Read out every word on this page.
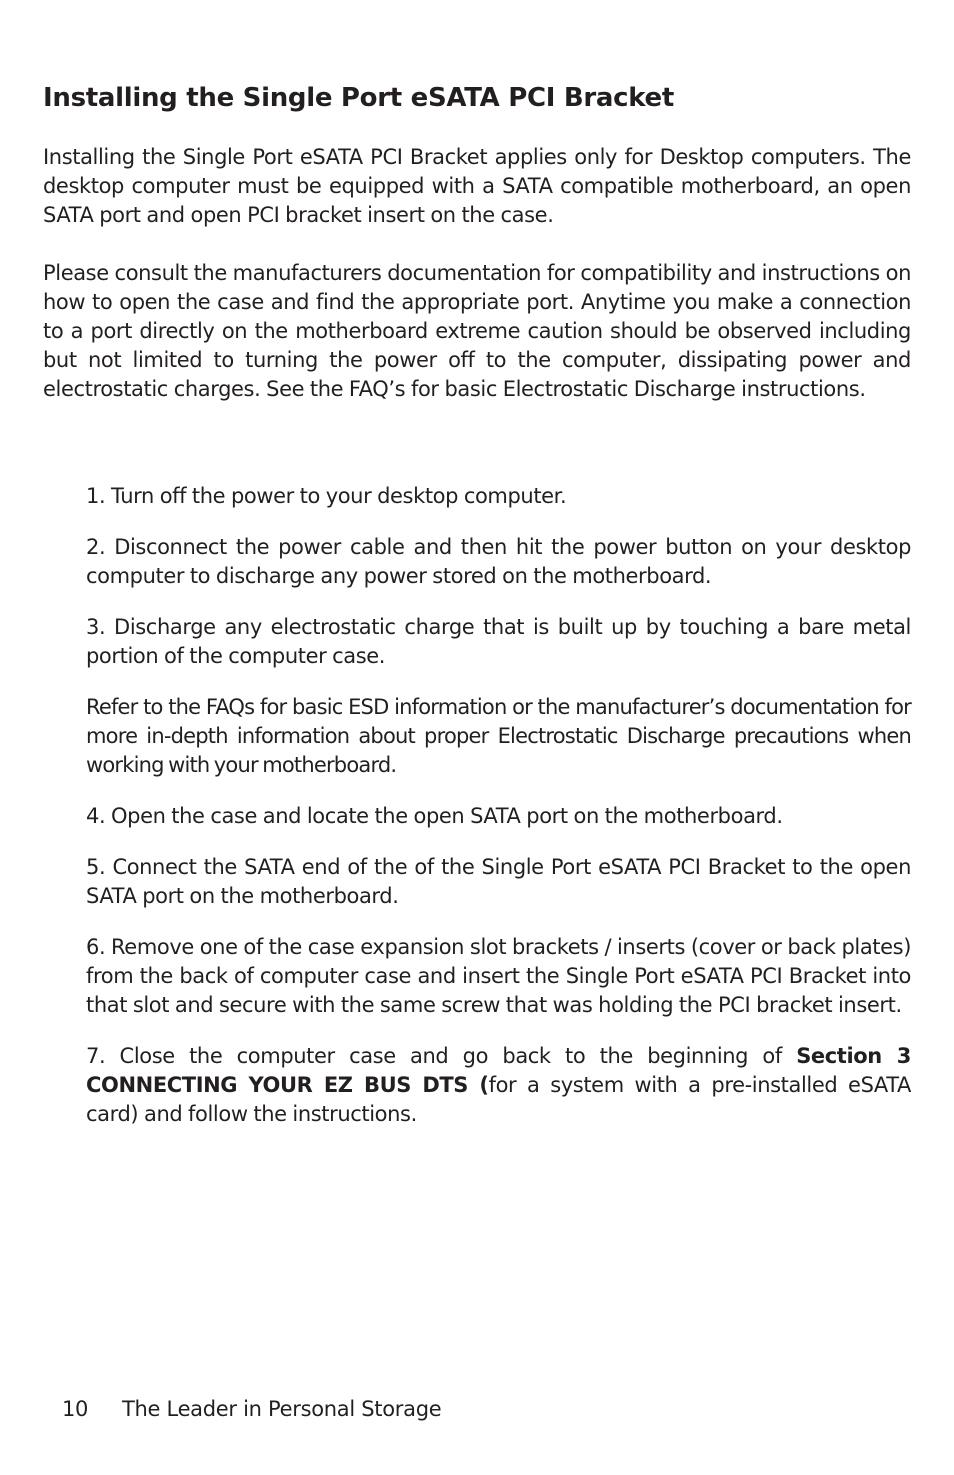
Installing the Single Port eSATA PCI Bracket

Installing the Single Port eSATA PCI Bracket applies only for Desktop computers. The desktop computer must be equipped with a SATA compatible motherboard, an open SATA port and open PCI bracket insert on the case.

Please consult the manufacturers documentation for compatibility and instructions on how to open the case and find the appropriate port. Anytime you make a connection to a port directly on the motherboard extreme caution should be observed including but not limited to turning the power off to the computer, dissipating power and electrostatic charges. See the FAQ’s for basic Electrostatic Discharge instructions.

1. Turn off the power to your desktop computer.
2. Disconnect the power cable and then hit the power button on your desktop computer to discharge any power stored on the motherboard.
3. Discharge any electrostatic charge that is built up by touching a bare metal portion of the computer case.
Refer to the FAQs for basic ESD information or the manufacturer’s documentation for more in-depth information about proper Electrostatic Discharge precautions when working with your motherboard.
4. Open the case and locate the open SATA port on the motherboard.
5. Connect the SATA end of the of the Single Port eSATA PCI Bracket to the open SATA port on the motherboard.
6. Remove one of the case expansion slot brackets / inserts (cover or back plates) from the back of computer case and insert the Single Port eSATA PCI Bracket into that slot and secure with the same screw that was holding the PCI bracket insert.
7. Close the computer case and go back to the beginning of Section 3 CONNECTING YOUR EZ BUS DTS (for a system with a pre-installed eSATA card) and follow the instructions.
10 The Leader in Personal Storage
